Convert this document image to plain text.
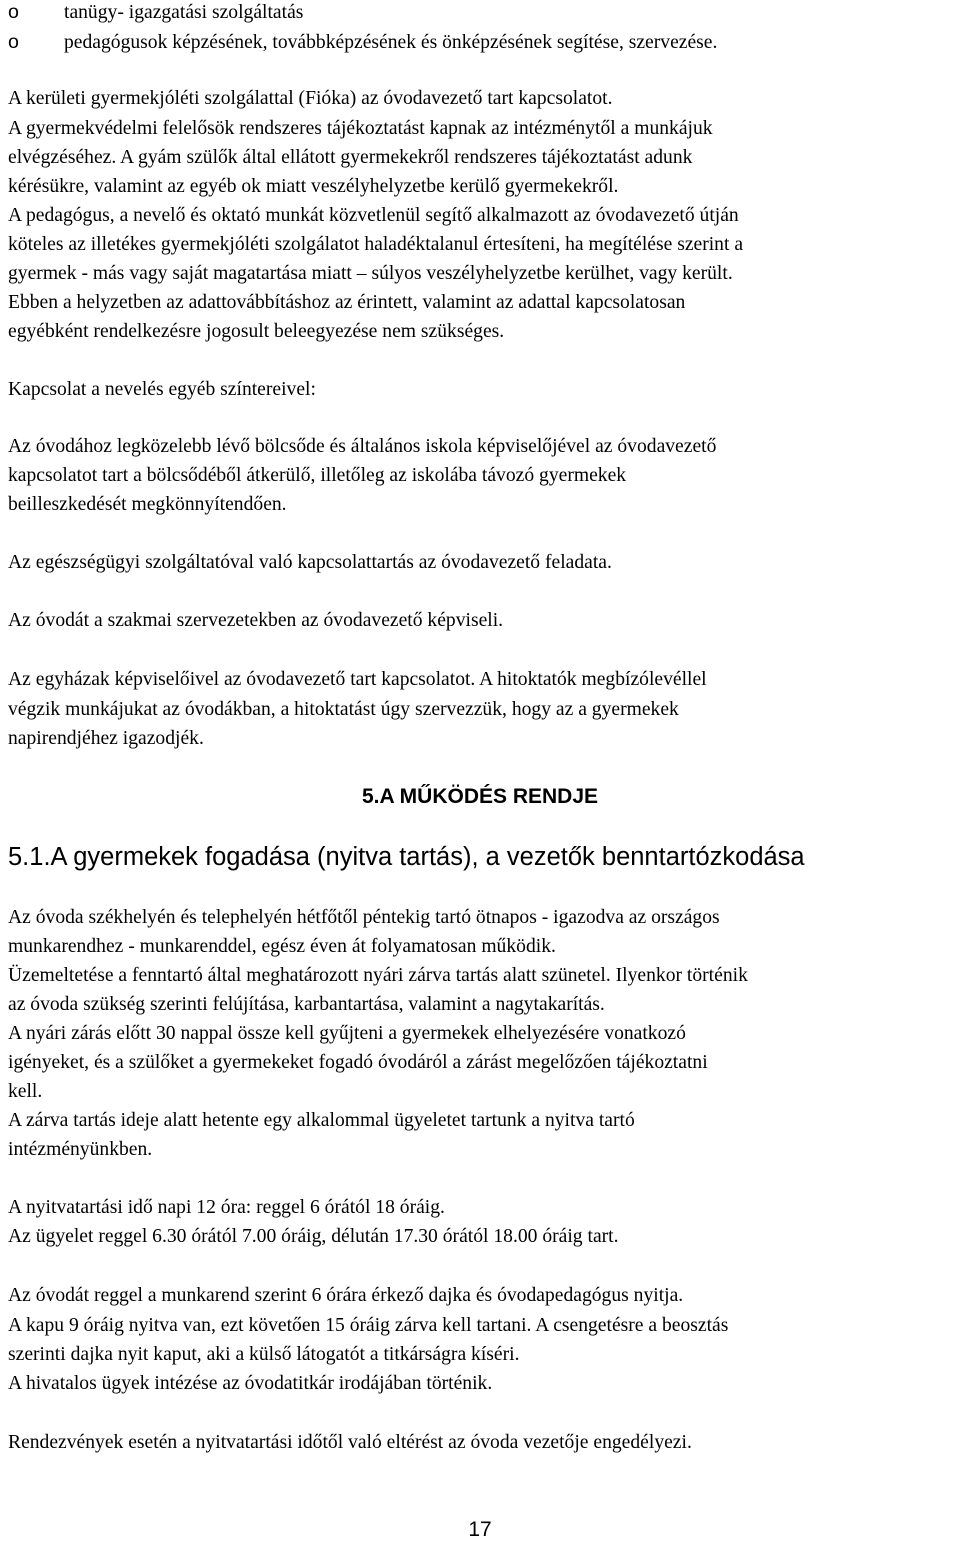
o tanügy- igazgatási szolgáltatás
o pedagógusok képzésének, továbbképzésének és önképzésének segítése, szervezése.
A kerületi gyermekjóléti szolgálattal (Fióka) az óvodavezető tart kapcsolatot.
A gyermekvédelmi felelősök rendszeres tájékoztatást kapnak az intézménytől a munkájuk
elvégzéséhez. A gyám szülők által ellátott gyermekekről rendszeres tájékoztatást adunk
kérésükre, valamint az egyéb ok miatt veszélyhelyzetbe kerülő gyermekekről.
A pedagógus, a nevelő és oktató munkát közvetlenül segítő alkalmazott az óvodavezető útján
köteles az illetékes gyermekjóléti szolgálatot haladéktalanul értesíteni, ha megítélése szerint a
gyermek - más vagy saját magatartása miatt – súlyos veszélyhelyzetbe kerülhet, vagy került.
Ebben a helyzetben az adattovábbításhoz az érintett, valamint az adattal kapcsolatosan
egyébként rendelkezésre jogosult beleegyezése nem szükséges.
Kapcsolat a nevelés egyéb színtereivel:
Az óvodához legközelebb lévő bölcsőde és általános iskola képviselőjével az óvodavezető
kapcsolatot tart a bölcsődéből átkerülő, illetőleg az iskolába távozó gyermekek
beilleszkedését megkönnyítendően.
Az egészségügyi szolgáltatóval való kapcsolattartás az óvodavezető feladata.
Az óvodát a szakmai szervezetekben az óvodavezető képviseli.
Az egyházak képviselőivel az óvodavezető tart kapcsolatot. A hitoktatók megbízólevéllel
végzik munkájukat az óvodákban, a hitoktatást úgy szervezzük, hogy az a gyermekek
napirendjéhez igazodjék.
5.A MŰKÖDÉS RENDJE
5.1.A gyermekek fogadása (nyitva tartás), a vezetők benntartózkodása
Az óvoda székhelyén és telephelyén hétfőtől péntekig tartó ötnapos - igazodva az országos
munkarendhez - munkarenddel, egész éven át folyamatosan működik.
Üzemeltetése a fenntartó által meghatározott nyári zárva tartás alatt szünetel. Ilyenkor történik
az óvoda szükség szerinti felújítása, karbantartása, valamint a nagytakarítás.
A nyári zárás előtt 30 nappal össze kell gyűjteni a gyermekek elhelyezésére vonatkozó
igényeket, és a szülőket a gyermekeket fogadó óvodáról a zárást megelőzően tájékoztatni
kell.
A zárva tartás ideje alatt hetente egy alkalommal ügyeletet tartunk a nyitva tartó
intézményünkben.
A nyitvatartási idő napi 12 óra: reggel 6 órától 18 óráig.
Az ügyelet reggel 6.30 órától 7.00 óráig, délután 17.30 órától 18.00 óráig tart.
Az óvodát reggel a munkarend szerint 6 órára érkező dajka és óvodapedagógus nyitja.
A kapu 9 óráig nyitva van, ezt követően 15 óráig zárva kell tartani. A csengetésre a beosztás
szerinti dajka nyit kaput, aki a külső látogatót a titkárságra kíséri.
A hivatalos ügyek intézése az óvodatitkár irodájában történik.
Rendezvények esetén a nyitvatartási időtől való eltérést az óvoda vezetője engedélyezi.
17
